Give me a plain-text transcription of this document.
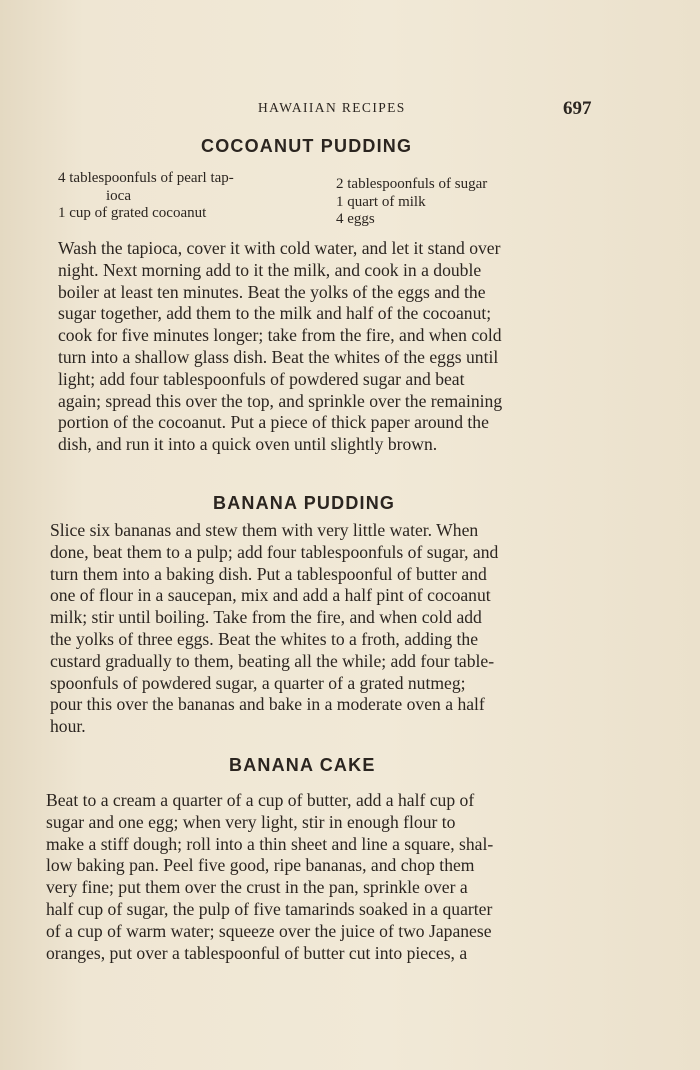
HAWAIIAN RECIPES	697
COCOANUT PUDDING
4 tablespoonfuls of pearl tap-
ioca
1 cup of grated cocoanut
2 tablespoonfuls of sugar
1 quart of milk
4 eggs
Wash the tapioca, cover it with cold water, and let it stand over
night. Next morning add to it the milk, and cook in a double
boiler at least ten minutes. Beat the yolks of the eggs and the
sugar together, add them to the milk and half of the cocoanut;
cook for five minutes longer; take from the fire, and when cold
turn into a shallow glass dish. Beat the whites of the eggs until
light; add four tablespoonfuls of powdered sugar and beat
again; spread this over the top, and sprinkle over the remaining
portion of the cocoanut. Put a piece of thick paper around the
dish, and run it into a quick oven until slightly brown.
BANANA PUDDING
Slice six bananas and stew them with very little water. When
done, beat them to a pulp; add four tablespoonfuls of sugar, and
turn them into a baking dish. Put a tablespoonful of butter and
one of flour in a saucepan, mix and add a half pint of cocoanut
milk; stir until boiling. Take from the fire, and when cold add
the yolks of three eggs. Beat the whites to a froth, adding the
custard gradually to them, beating all the while; add four table-
spoonfuls of powdered sugar, a quarter of a grated nutmeg;
pour this over the bananas and bake in a moderate oven a half
hour.
BANANA CAKE
Beat to a cream a quarter of a cup of butter, add a half cup of
sugar and one egg; when very light, stir in enough flour to
make a stiff dough; roll into a thin sheet and line a square, shal-
low baking pan. Peel five good, ripe bananas, and chop them
very fine; put them over the crust in the pan, sprinkle over a
half cup of sugar, the pulp of five tamarinds soaked in a quarter
of a cup of warm water; squeeze over the juice of two Japanese
oranges, put over a tablespoonful of butter cut into pieces, a
